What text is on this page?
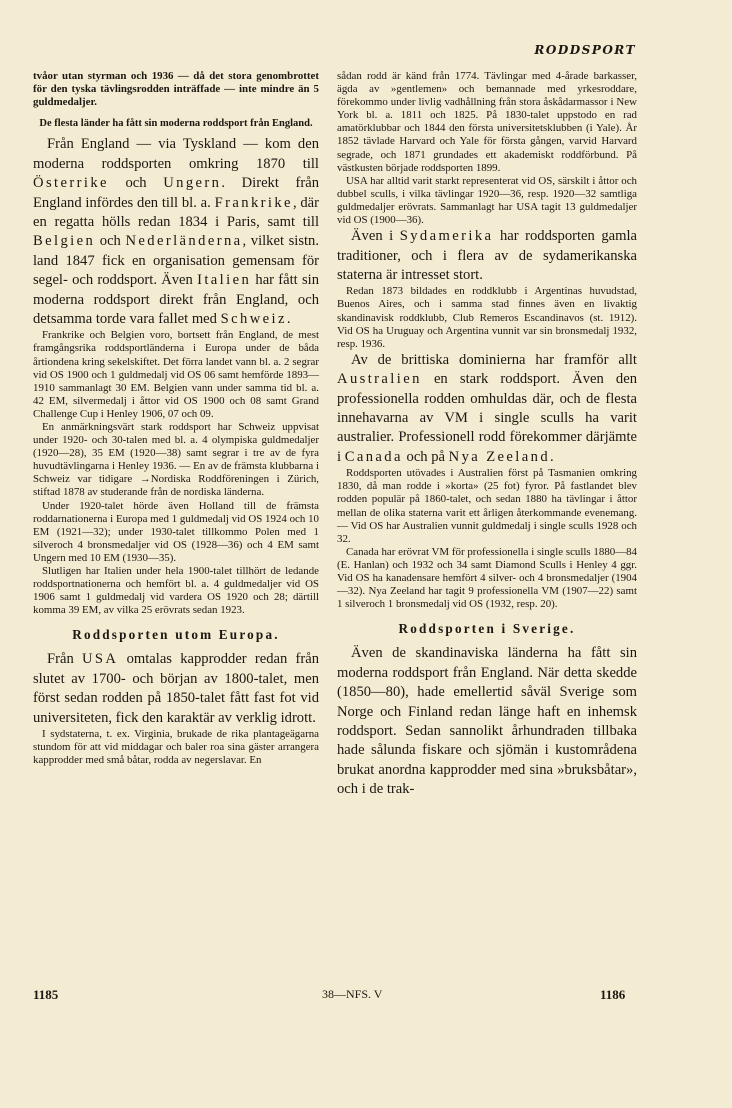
RODDSPORT

tvåor utan styrman och 1936 — då det stora genombrottet för den tyska tävlingsrodden inträffade — inte mindre än 5 guldmedaljer.

De flesta länder ha fått sin moderna roddsport från England.

Från England — via Tyskland — kom den moderna roddsporten omkring 1870 till Österrike och Ungern. Direkt från England infördes den till bl. a. Frankrike, där en regatta hölls redan 1834 i Paris, samt till Belgien och Nederländerna, vilket sistn. land 1847 fick en organisation gemensam för segel- och roddsport. Även Italien har fått sin moderna roddsport direkt från England, och detsamma torde vara fallet med Schweiz.

Frankrike och Belgien voro, bortsett från England, de mest framgångsrika roddsportländerna i Europa under de båda årtiondena kring sekelskiftet. Det förra landet vann bl. a. 2 segrar vid OS 1900 och 1 guldmedalj vid OS 06 samt hemförde 1893—1910 sammanlagt 30 EM. Belgien vann under samma tid bl. a. 42 EM, silvermedalj i åttor vid OS 1900 och 08 samt Grand Challenge Cup i Henley 1906, 07 och 09.

En anmärkningsvärt stark roddsport har Schweiz uppvisat under 1920- och 30-talen med bl. a. 4 olympiska guldmedaljer (1920—28), 35 EM (1920—38) samt segrar i tre av de fyra huvudtävlingarna i Henley 1936. — En av de främsta klubbarna i Schweiz var tidigare →Nordiska Roddföreningen i Zürich, stiftad 1878 av studerande från de nordiska länderna.

Under 1920-talet hörde även Holland till de främsta roddarnationerna i Europa med 1 guldmedalj vid OS 1924 och 10 EM (1921—32); under 1930-talet tillkommo Polen med 1 silveroch 4 bronsmedaljer vid OS (1928—36) och 4 EM samt Ungern med 10 EM (1930—35).

Slutligen har Italien under hela 1900-talet tillhört de ledande roddsportnationerna och hemfört bl. a. 4 guldmedaljer vid OS 1906 samt 1 guldmedalj vid vardera OS 1920 och 28; därtill komma 39 EM, av vilka 25 erövrats sedan 1923.

Roddsporten utom Europa.

Från USA omtalas kapprodder redan från slutet av 1700- och början av 1800-talet, men först sedan rodden på 1850-talet fått fast fot vid universiteten, fick den karaktär av verklig idrott.

I sydstaterna, t. ex. Virginia, brukade de rika plantageägarna stundom för att vid middagar och baler roa sina gäster arrangera kapprodder med små båtar, rodda av negerslavar. En

sådan rodd är känd från 1774. Tävlingar med 4-årade barkasser, ägda av »gentlemen» och bemannade med yrkesroddare, förekommo under livlig vadhållning från stora åskådarmassor i New York bl. a. 1811 och 1825. På 1830-talet uppstodo en rad amatörklubbar och 1844 den första universitetsklubben (i Yale). År 1852 tävlade Harvard och Yale för första gången, varvid Harvard segrade, och 1871 grundades ett akademiskt roddförbund. På västkusten började roddsporten 1899.

USA har alltid varit starkt representerat vid OS, särskilt i åttor och dubbel sculls, i vilka tävlingar 1920—36, resp. 1920—32 samtliga guldmedaljer erövrats. Sammanlagt har USA tagit 13 guldmedaljer vid OS (1900—36).

Även i Sydamerika har roddsporten gamla traditioner, och i flera av de sydamerikanska staterna är intresset stort.

Redan 1873 bildades en roddklubb i Argentinas huvudstad, Buenos Aires, och i samma stad finnes även en livaktig skandinavisk roddklubb, Club Remeros Escandinavos (st. 1912). Vid OS ha Uruguay och Argentina vunnit var sin bronsmedalj 1932, resp. 1936.

Av de brittiska dominierna har framför allt Australien en stark roddsport. Även den professionella rodden omhuldas där, och de flesta innehavarna av VM i single sculls ha varit australier. Professionell rodd förekommer därjämte i Canada och på Nya Zeeland.

Roddsporten utövades i Australien först på Tasmanien omkring 1830, då man rodde i »korta» (25 fot) fyror. På fastlandet blev rodden populär på 1860-talet, och sedan 1880 ha tävlingar i åttor mellan de olika staterna varit ett årligen återkommande evenemang. — Vid OS har Australien vunnit guldmedalj i single sculls 1928 och 32.

Canada har erövrat VM för professionella i single sculls 1880—84 (E. Hanlan) och 1932 och 34 samt Diamond Sculls i Henley 4 ggr. Vid OS ha kanadensare hemfört 4 silver- och 4 bronsmedaljer (1904—32). Nya Zeeland har tagit 9 professionella VM (1907—22) samt 1 silveroch 1 bronsmedalj vid OS (1932, resp. 20).

Roddsporten i Sverige.

Även de skandinaviska länderna ha fått sin moderna roddsport från England. När detta skedde (1850—80), hade emellertid såväl Sverige som Norge och Finland redan länge haft en inhemsk roddsport. Sedan sannolikt århundraden tillbaka hade sålunda fiskare och sjömän i kustområdena brukat anordna kapprodder med sina »bruksbåtar», och i de trak-

1185	38—NFS. V	1186
